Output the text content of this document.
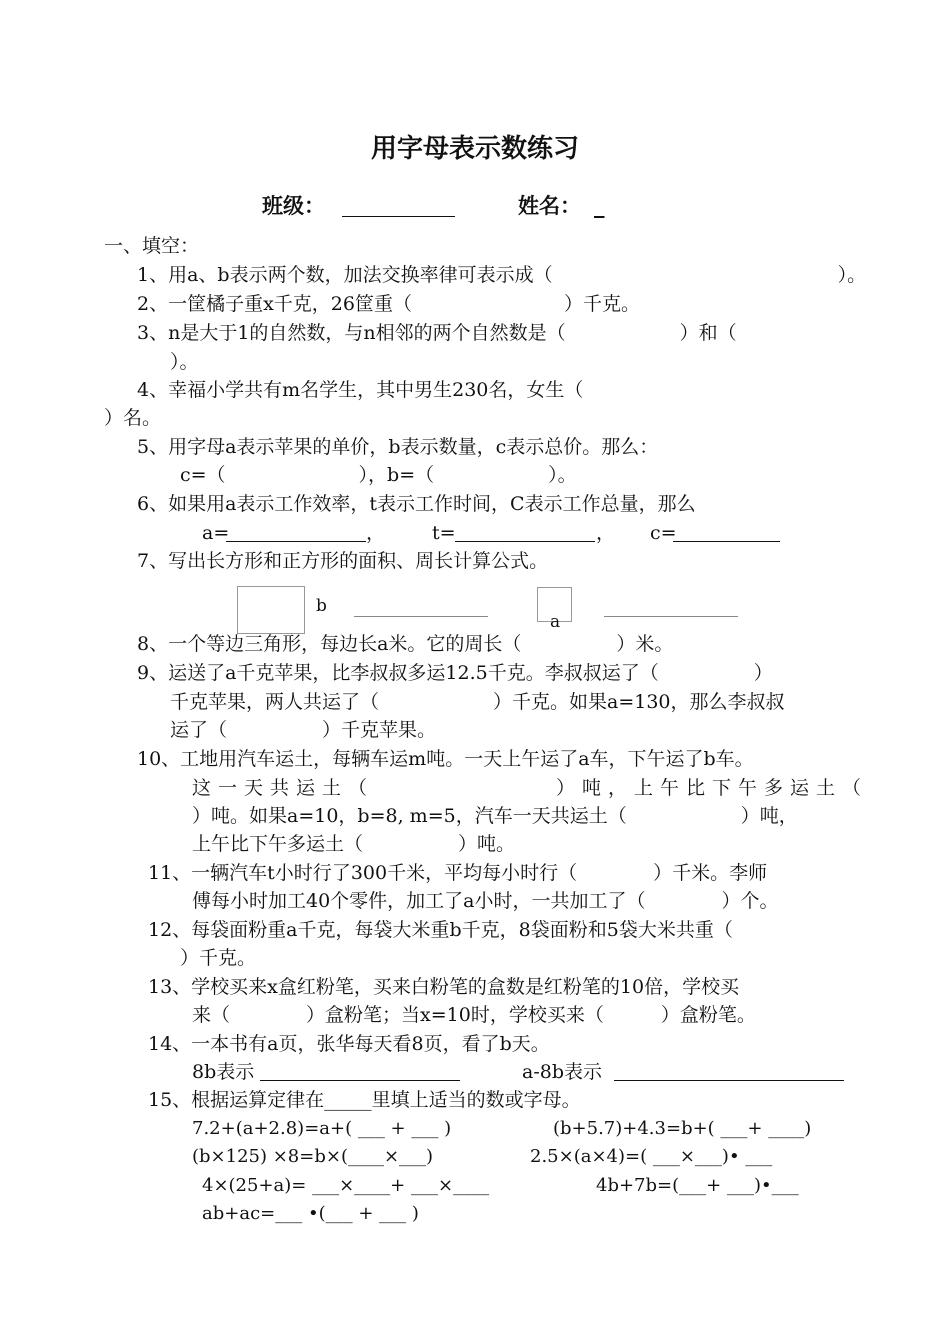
用字母表示数练习
班级：	姓名： _
一、填空：
1、用a、b表示两个数，加法交换率律可表示成（　　　　　　　　　　　　　　　）。
2、一筐橘子重x千克，26筐重（　　　　　　　　）千克。
3、n是大于1的自然数，与n相邻的两个自然数是（　　　　　　）和（
）。
4、幸福小学共有m名学生，其中男生230名，女生（
）名。
5、用字母a表示苹果的单价，b表示数量，c表示总价。那么：
c=（　　　　　　　），b=（　　　　　　）。
6、如果用a表示工作效率，t表示工作时间，C表示工作总量，那么
a=	， t=	， c=
7、写出长方形和正方形的面积、周长计算公式。
b
a
8、一个等边三角形，每边长a米。它的周长（　　　　　）米。
9、运送了a千克苹果，比李叔叔多运12.5千克。李叔叔运了（　　　　　）
千克苹果，两人共运了（　　　　　　）千克。如果a=130，那么李叔叔
运了（　　　　　）千克苹果。
10、工地用汽车运土，每辆车运m吨。一天上午运了a车，下午运了b车。
这一天共运土（　　　　　　　）吨，上午比下午多运土（
）吨。如果a=10，b=8, m=5，汽车一天共运土（　　　　　　）吨，
上午比下午多运土（　　　　　）吨。
11、一辆汽车t小时行了300千米，平均每小时行（　　　　）千米。李师
傅每小时加工40个零件，加工了a小时，一共加工了（　　　　）个。
12、每袋面粉重a千克，每袋大米重b千克，8袋面粉和5袋大米共重（
）千克。
13、学校买来x盒红粉笔，买来白粉笔的盒数是红粉笔的10倍，学校买
来（　　　　）盒粉笔；当x=10时，学校买来（　　　）盒粉笔。
14、一本书有a页，张华每天看8页，看了b天。
8b表示	a-8b表示
15、根据运算定律在_____里填上适当的数或字母。
7.2+(a+2.8)=a+( ___ + ___ )	(b+5.7)+4.3=b+( ___+ ____)
(b×125) ×8=b×(____×___)	2.5×(a×4)=( ___×___)• ___
4×(25+a)= ___×____+ ___×____	4b+7b=(___+ ___)•___
ab+ac=___ •(___ + ___ )
